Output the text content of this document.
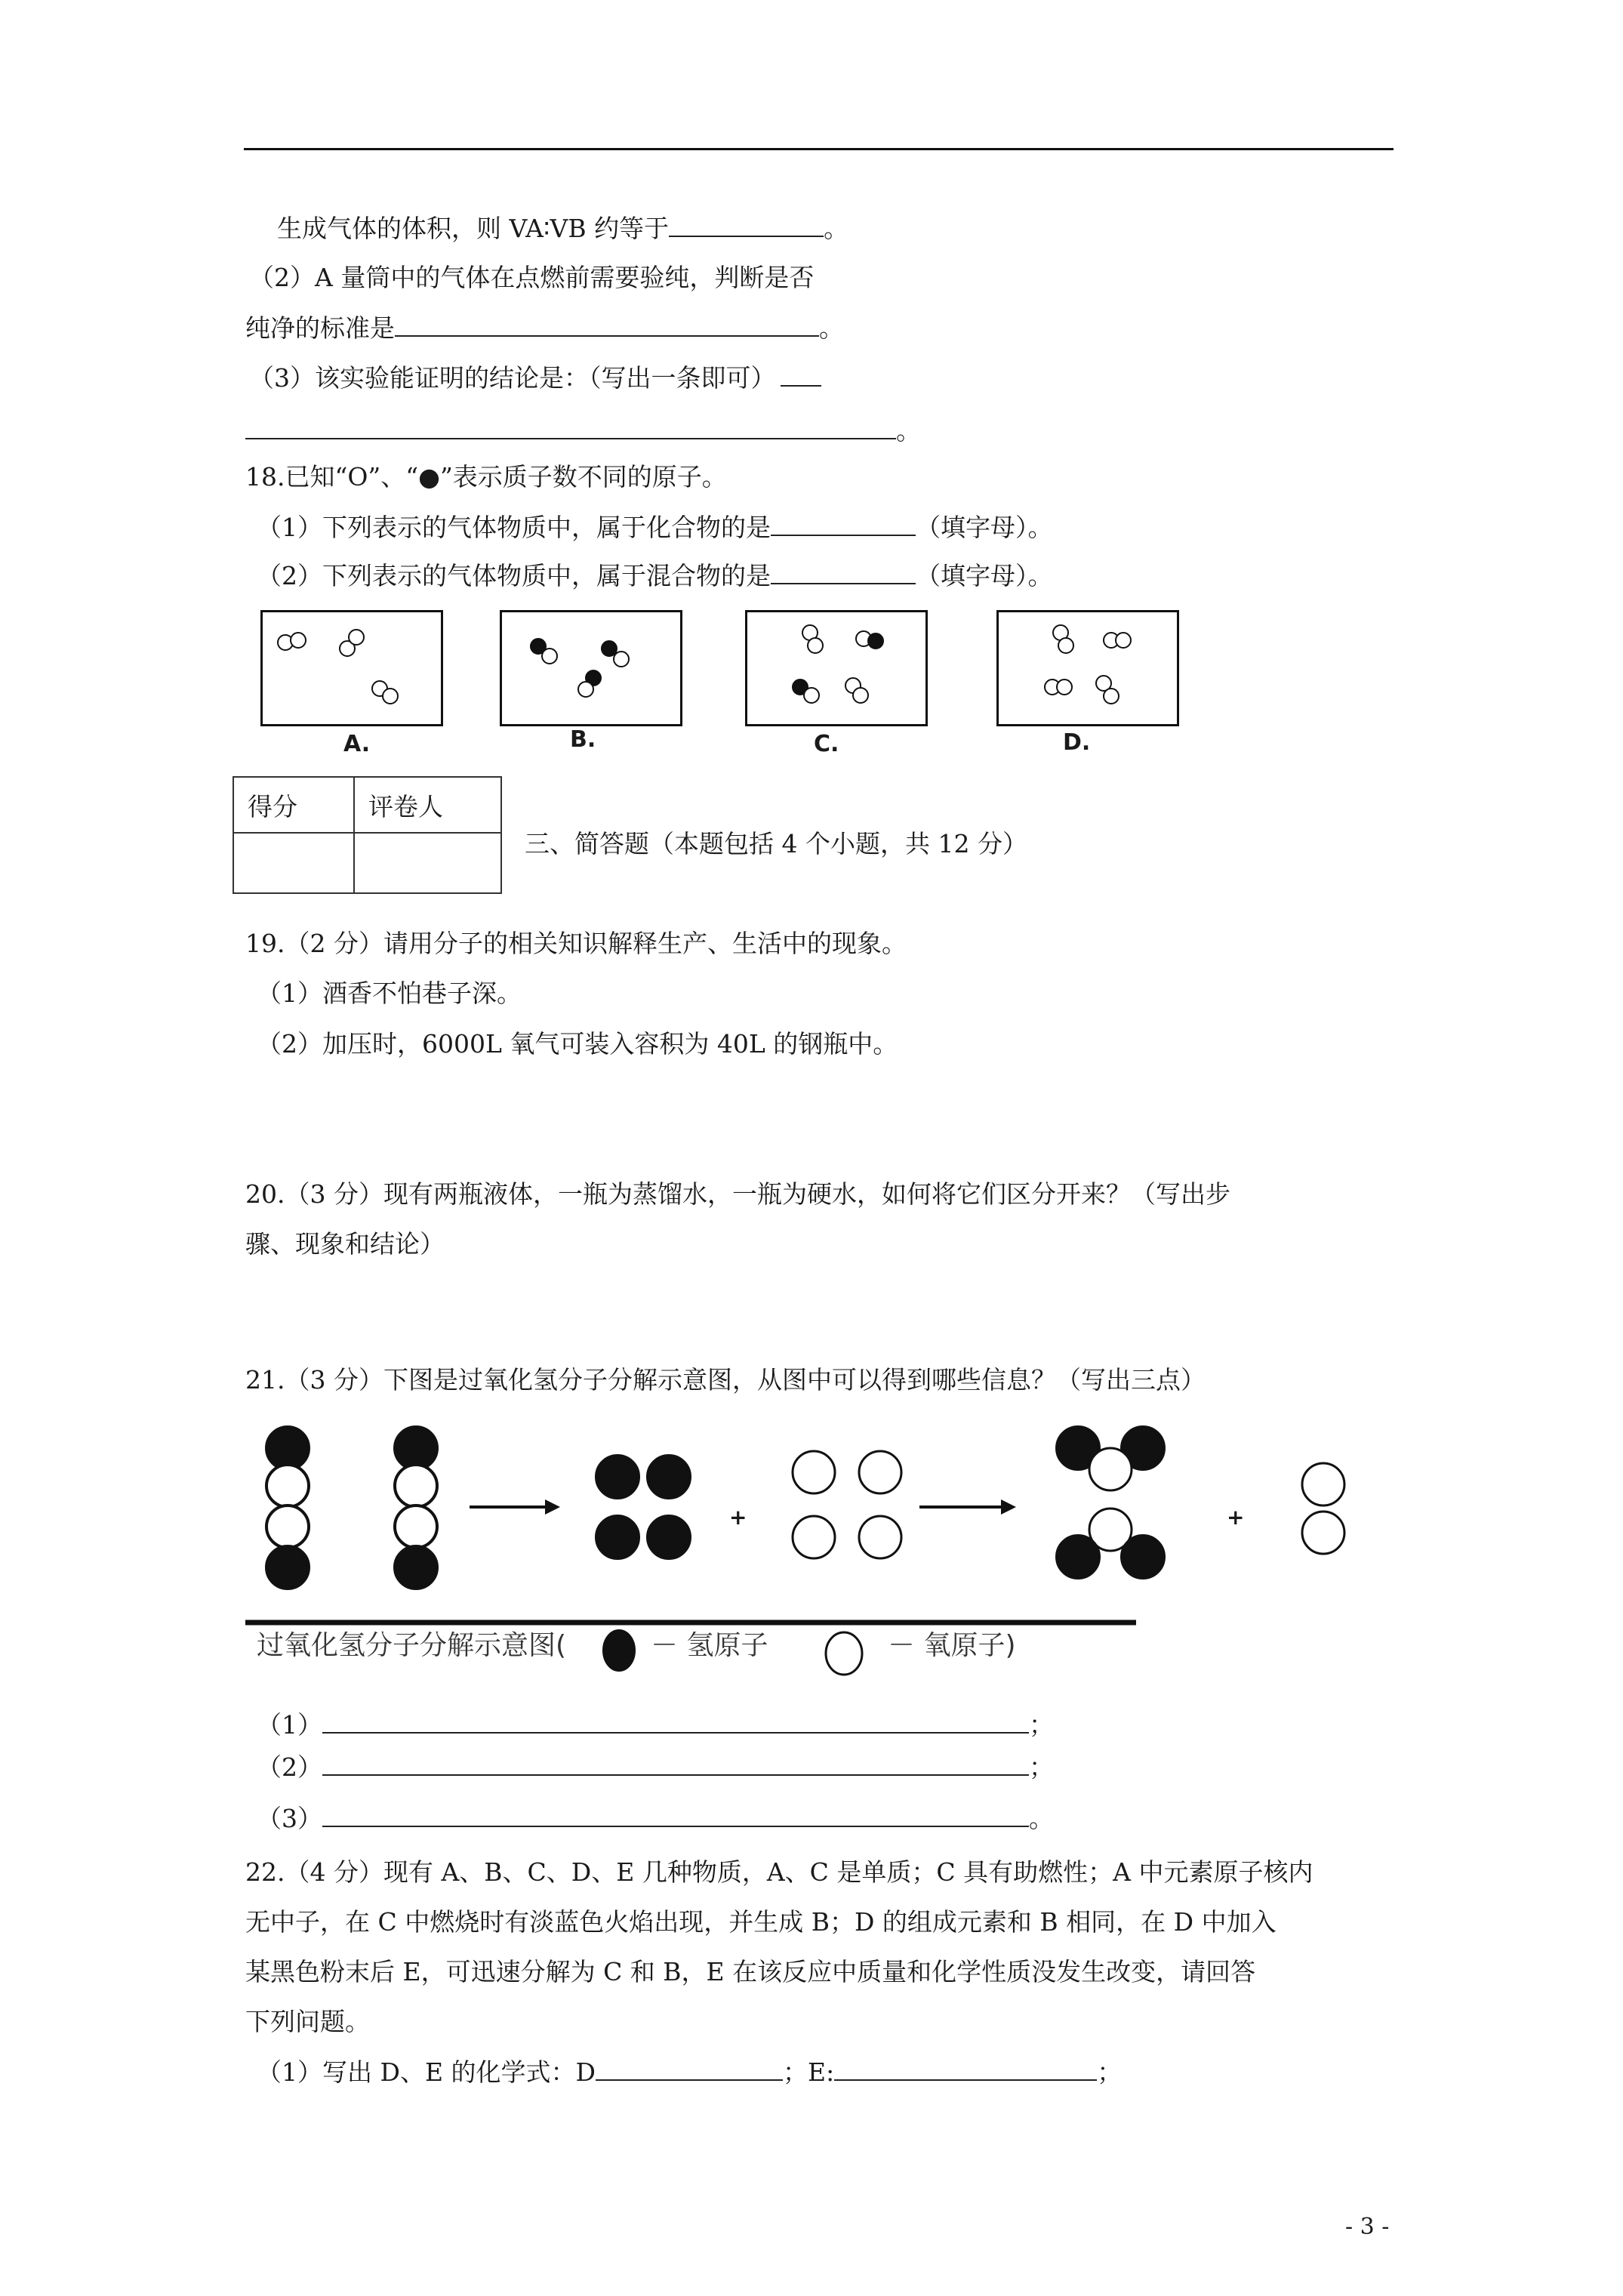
生成气体的体积，则 VA∶VB 约等于	。
（2）A 量筒中的气体在点燃前需要验纯，判断是否
纯净的标准是	。
（3）该实验能证明的结论是：（写出一条即可）
。
18.已知“O”、“●”表示质子数不同的原子。
（1）下列表示的气体物质中，属于化合物的是	（填字母）。
（2）下列表示的气体物质中，属于混合物的是	（填字母）。
A.	B.	C.	D.
得分	评卷人

三、简答题（本题包括 4 个小题，共 12 分）
19.（2 分）请用分子的相关知识解释生产、生活中的现象。
（1）酒香不怕巷子深。
（2）加压时，6000L 氧气可装入容积为 40L 的钢瓶中。
20.（3 分）现有两瓶液体，一瓶为蒸馏水，一瓶为硬水，如何将它们区分开来？（写出步
骤、现象和结论）
21.（3 分）下图是过氧化氢分子分解示意图，从图中可以得到哪些信息？（写出三点）
+	+
过氧化氢分子分解示意图(	－ 氢原子	－ 氧原子)
（1）	；
（2）	；
（3）	。
22.（4 分）现有 A、B、C、D、E 几种物质，A、C 是单质；C 具有助燃性；A 中元素原子核内
无中子，在 C 中燃烧时有淡蓝色火焰出现，并生成 B；D 的组成元素和 B 相同，在 D 中加入
某黑色粉末后 E，可迅速分解为 C 和 B，E 在该反应中质量和化学性质没发生改变，请回答
下列问题。
（1）写出 D、E 的化学式：D	；E:	；
- 3 -
